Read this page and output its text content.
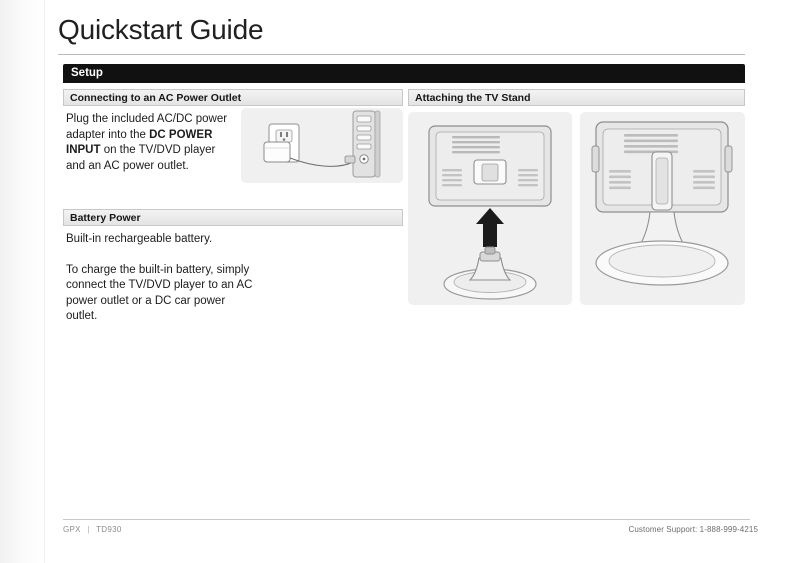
Quickstart Guide
Setup
Connecting to an AC Power Outlet
Plug the included AC/DC power adapter into the DC POWER INPUT on the TV/DVD player and an AC power outlet.
Battery Power
Built-in rechargeable battery.
To charge the built-in battery, simply connect the TV/DVD player to an AC power outlet or a DC car power outlet.
Attaching the TV Stand
GPX | TD930	Customer Support: 1-888-999-4215
